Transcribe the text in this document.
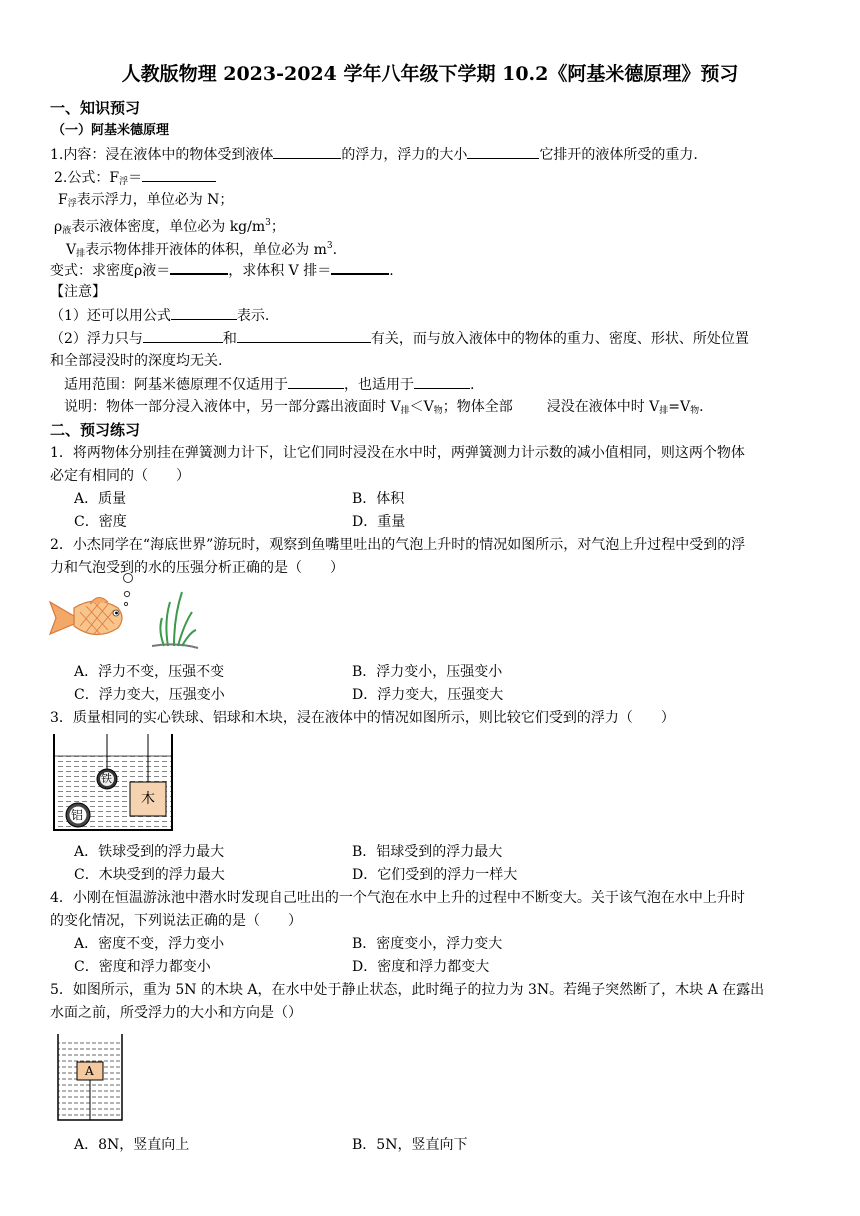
人教版物理 2023-2024 学年八年级下学期 10.2《阿基米德原理》预习
一、知识预习
（一）阿基米德原理
1.内容：浸在液体中的物体受到液体	的浮力，浮力的大小	它排开的液体所受的重力.
2.公式：$F_浮=$
$F_浮$表示浮力，单位必为 N；
$\rho_液$表示液体密度，单位必为 $kg/m^3$；
$V_排$表示物体排开液体的体积，单位必为 $m^3$.
变式：求密度ρ液＝	，求体积 V 排＝	.
【注意】
（1）还可以用公式	表示.
（2）浮力只与	和	有关，而与放入液体中的物体的重力、密度、形状、所处位置
和全部浸没时的深度均无关.
适用范围：阿基米德原理不仅适用于	，也适用于	.
说明：物体一部分浸入液体中，另一部分露出液面时 $V_排<V_物$；物体全部 浸没在液体中时 $V_排=V_物$.
二、预习练习
1．将两物体分别挂在弹簧测力计下，让它们同时浸没在水中时，两弹簧测力计示数的减小值相同，则这两个物体
必定有相同的（　　）
A．质量	B．体积
C．密度	D．重量
2．小杰同学在“海底世界”游玩时，观察到鱼嘴里吐出的气泡上升时的情况如图所示，对气泡上升过程中受到的浮
力和气泡受到的水的压强分析正确的是（　　）
A．浮力不变，压强不变	B．浮力变小，压强变小
C．浮力变大，压强变小	D．浮力变大，压强变大
3．质量相同的实心铁球、铝球和木块，浸在液体中的情况如图所示，则比较它们受到的浮力（　　）
铁
木
铝
A．铁球受到的浮力最大	B．铝球受到的浮力最大
C．木块受到的浮力最大	D．它们受到的浮力一样大
4．小刚在恒温游泳池中潜水时发现自己吐出的一个气泡在水中上升的过程中不断变大。关于该气泡在水中上升时
的变化情况，下列说法正确的是（　　）
A．密度不变，浮力变小	B．密度变小，浮力变大
C．密度和浮力都变小	D．密度和浮力都变大
5．如图所示，重为 5N 的木块 A，在水中处于静止状态，此时绳子的拉力为 3N。若绳子突然断了，木块 A 在露出
水面之前，所受浮力的大小和方向是（）
A
A．8N，竖直向上	B．5N，竖直向下
